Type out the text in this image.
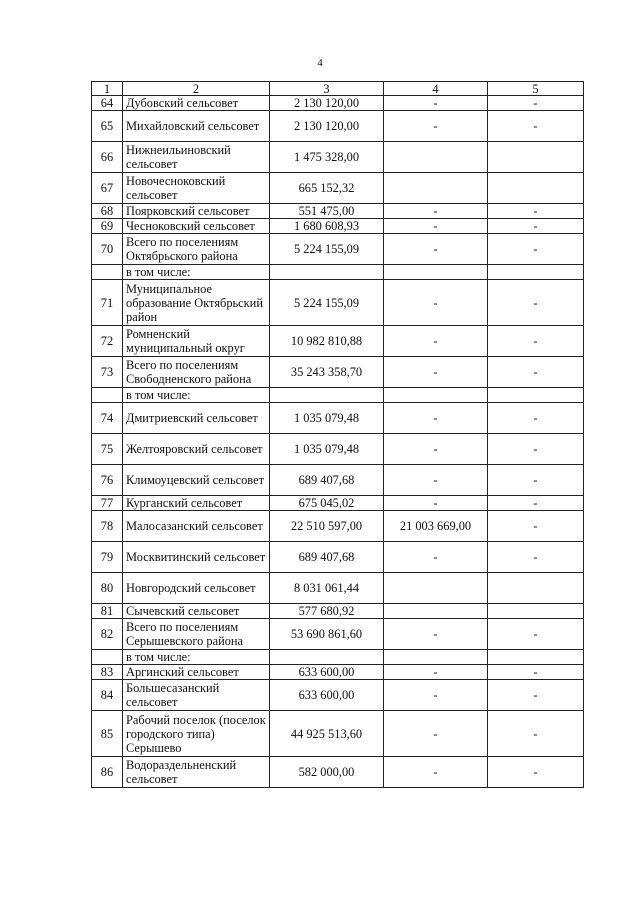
4
1	2	3	4	5
64	Дубовский сельсовет	2 130 120,00	-	-
65	Михайловский сельсовет	2 130 120,00	-	-
66	Нижнеильиновский сельсовет	1 475 328,00		
67	Новочесноковский сельсовет	665 152,32		
68	Поярковский сельсовет	551 475,00	-	-
69	Чесноковский сельсовет	1 680 608,93	-	-
70	Всего по поселениям Октябрьского района	5 224 155,09	-	-
	в том числе:			
71	Муниципальное образование Октябрьский район	5 224 155,09	-	-
72	Ромненский муниципальный округ	10 982 810,88	-	-
73	Всего по поселениям Свободненского района	35 243 358,70	-	-
	в том числе:			
74	Дмитриевский сельсовет	1 035 079,48	-	-
75	Желтояровский сельсовет	1 035 079,48	-	-
76	Климоуцевский сельсовет	689 407,68	-	-
77	Курганский сельсовет	675 045,02	-	-
78	Малосазанский сельсовет	22 510 597,00	21 003 669,00	-
79	Москвитинский сельсовет	689 407,68	-	-
80	Новгородский сельсовет	8 031 061,44		
81	Сычевский сельсовет	577 680,92		
82	Всего по поселениям Серышевского района	53 690 861,60	-	-
	в том числе:			
83	Аргинский сельсовет	633 600,00	-	-
84	Большесазанский сельсовет	633 600,00	-	-
85	Рабочий поселок (поселок городского типа) Серышево	44 925 513,60	-	-
86	Водораздельненский сельсовет	582 000,00	-	-
